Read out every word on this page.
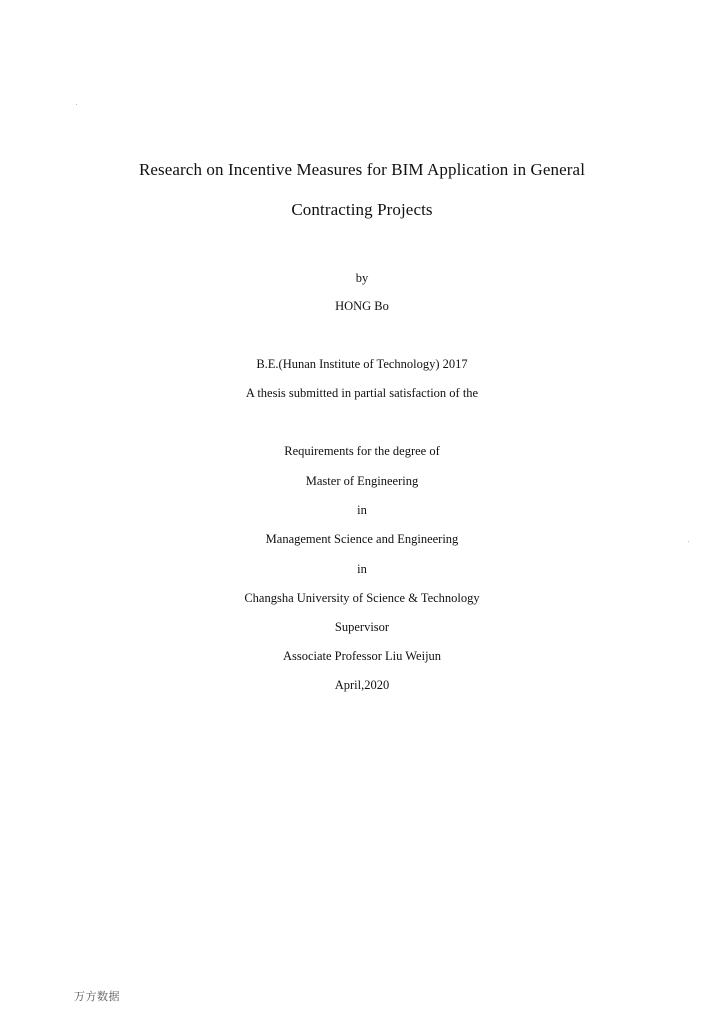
Research on Incentive Measures for BIM Application in General

Contracting Projects

by

HONG Bo

B.E.(Hunan Institute of Technology) 2017

A thesis submitted in partial satisfaction of the

Requirements for the degree of

Master of Engineering

in

Management Science and Engineering

in

Changsha University of Science & Technology

Supervisor

Associate Professor Liu Weijun

April,2020

万方数据
